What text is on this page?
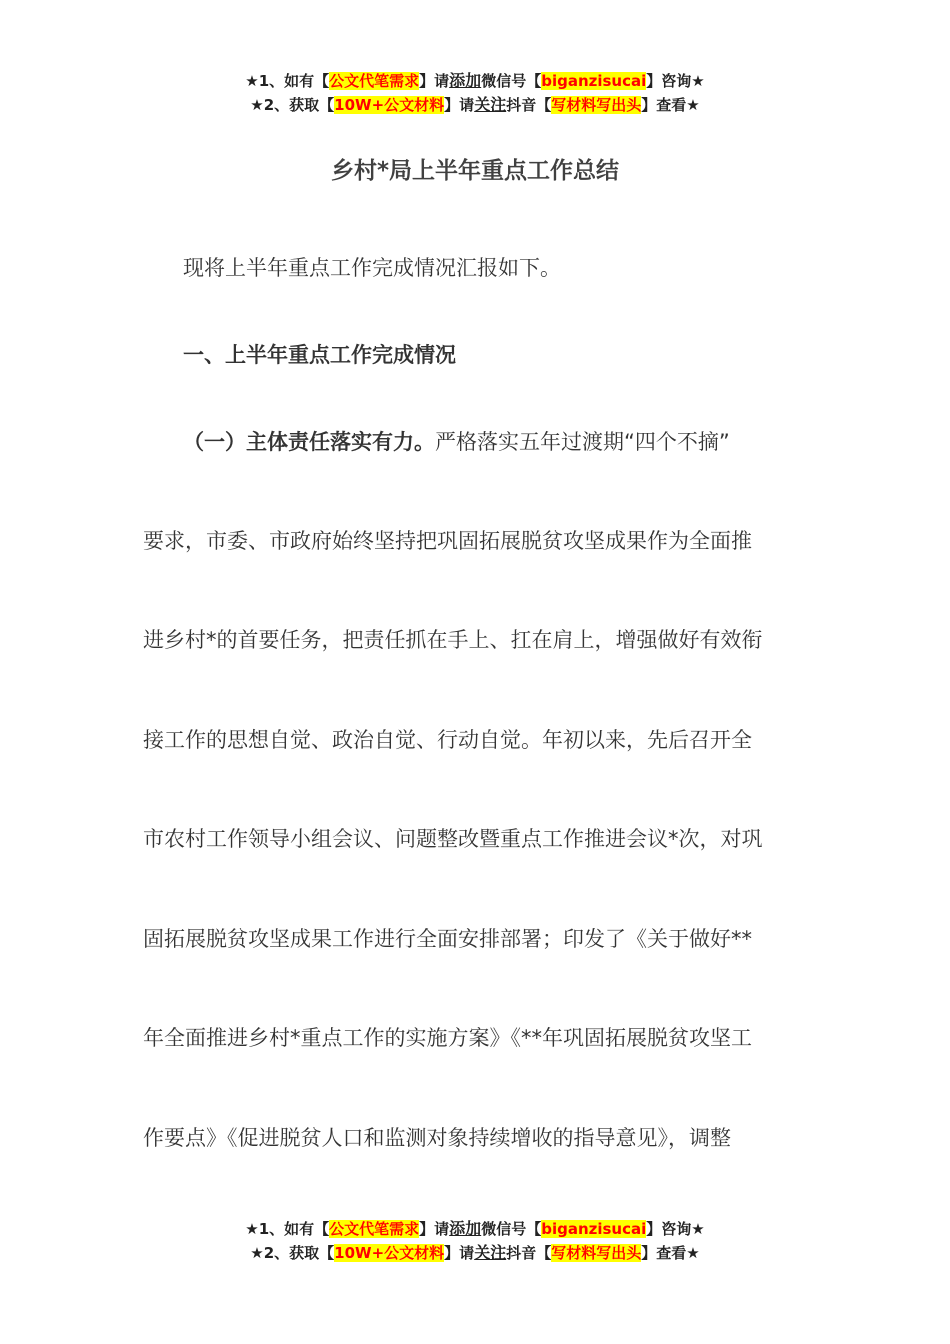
★1、如有【公文代笔需求】请添加微信号【biganzisucai】咨询★
★2、获取【10W+公文材料】请关注抖音【写材料写出头】查看★
乡村*局上半年重点工作总结
现将上半年重点工作完成情况汇报如下。
一、上半年重点工作完成情况
（一）主体责任落实有力。严格落实五年过渡期“四个不摘”
要求，市委、市政府始终坚持把巩固拓展脱贫攻坚成果作为全面推
进乡村*的首要任务，把责任抓在手上、扛在肩上，增强做好有效衔
接工作的思想自觉、政治自觉、行动自觉。年初以来，先后召开全
市农村工作领导小组会议、问题整改暨重点工作推进会议*次，对巩
固拓展脱贫攻坚成果工作进行全面安排部署；印发了《关于做好**
年全面推进乡村*重点工作的实施方案》《**年巩固拓展脱贫攻坚工
作要点》《促进脱贫人口和监测对象持续增收的指导意见》，调整
★1、如有【公文代笔需求】请添加微信号【biganzisucai】咨询★
★2、获取【10W+公文材料】请关注抖音【写材料写出头】查看★
